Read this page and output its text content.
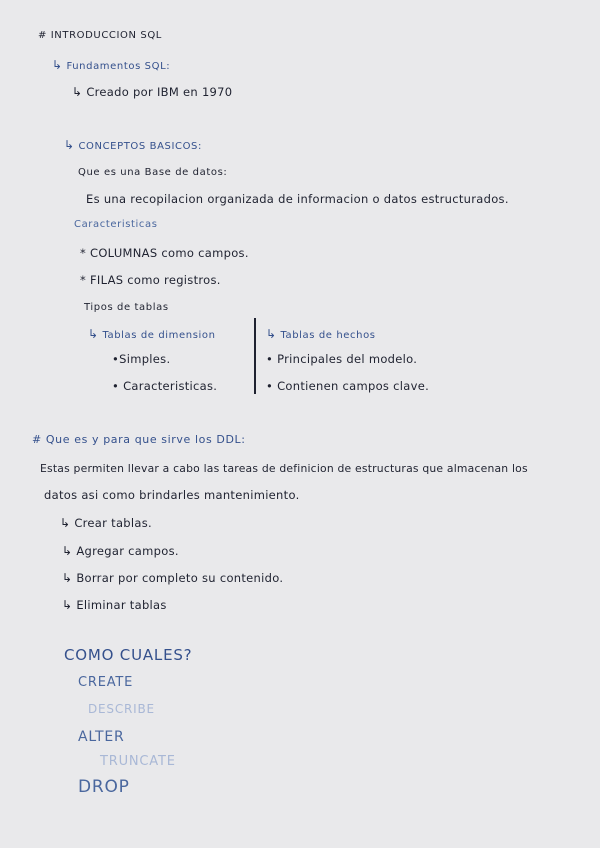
# INTRODUCCION SQL
↳ Fundamentos SQL:
↳ Creado por IBM en 1970
↳ CONCEPTOS BASICOS:
Que es una Base de datos:
Es una recopilacion organizada de informacion o datos estructurados.
Caracteristicas
* COLUMNAS como campos.
* FILAS como registros.
Tipos de tablas
↳ Tablas de dimension
•Simples.
• Caracteristicas.
↳ Tablas de hechos
• Principales del modelo.
• Contienen campos clave.
# Que es y para que sirve los DDL:
Estas permiten llevar a cabo las tareas de definicion de estructuras que almacenan los
datos asi como brindarles mantenimiento.
↳ Crear tablas.
↳ Agregar campos.
↳ Borrar por completo su contenido.
↳ Eliminar tablas
COMO CUALES?
CREATE
DESCRIBE
ALTER
TRUNCATE
DROP
